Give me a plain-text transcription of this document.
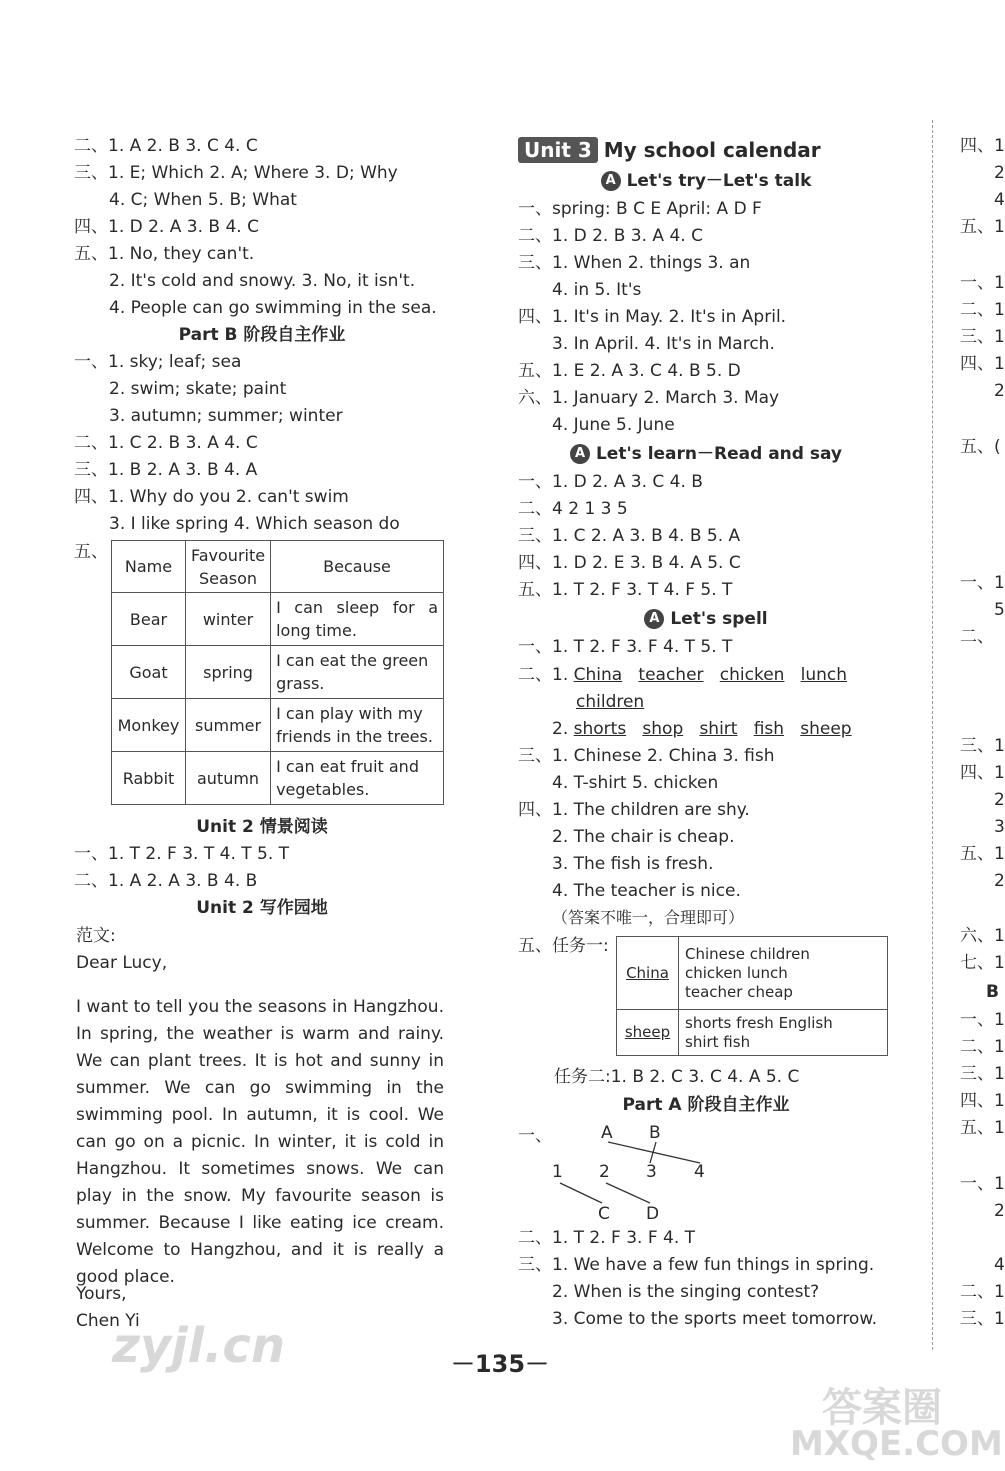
二、1. A 2. B 3. C 4. C
三、1. E; Which 2. A; Where 3. D; Why
4. C; When 5. B; What
四、1. D 2. A 3. B 4. C
五、1. No, they can't.
2. It's cold and snowy. 3. No, it isn't.
4. People can go swimming in the sea.
Part B 阶段自主作业
一、1. sky; leaf; sea
2. swim; skate; paint
3. autumn; summer; winter
二、1. C 2. B 3. A 4. C
三、1. B 2. A 3. B 4. A
四、1. Why do you 2. can't swim
3. I like spring 4. Which season do
五、
Name	Favourite Season	Because
Bear	winter	I can sleep for a long time.
Goat	spring	I can eat the green grass.
Monkey	summer	I can play with my friends in the trees.
Rabbit	autumn	I can eat fruit and vegetables.
Unit 2 情景阅读
一、1. T 2. F 3. T 4. T 5. T
二、1. A 2. A 3. B 4. B
Unit 2 写作园地
范文:
Dear Lucy,
I want to tell you the seasons in Hangzhou. In spring, the weather is warm and rainy. We can plant trees. It is hot and sunny in summer. We can go swimming in the swimming pool. In autumn, it is cool. We can go on a picnic. In winter, it is cold in Hangzhou. It sometimes snows. We can play in the snow. My favourite season is summer. Because I like eating ice cream. Welcome to Hangzhou, and it is really a good place.
Yours,
Chen Yi
Unit 3 My school calendar
A Let's try－Let's talk
一、spring: B C E April: A D F
二、1. D 2. B 3. A 4. C
三、1. When 2. things 3. an
4. in 5. It's
四、1. It's in May. 2. It's in April.
3. In April. 4. It's in March.
五、1. E 2. A 3. C 4. B 5. D
六、1. January 2. March 3. May
4. June 5. June
A Let's learn－Read and say
一、1. D 2. A 3. C 4. B
二、4 2 1 3 5
三、1. C 2. A 3. B 4. B 5. A
四、1. D 2. E 3. B 4. A 5. C
五、1. T 2. F 3. T 4. F 5. T
A Let's spell
一、1. T 2. F 3. F 4. T 5. T
二、1. China teacher chicken lunch
children
2. shorts shop shirt fish sheep
三、1. Chinese 2. China 3. fish
4. T-shirt 5. chicken
四、1. The children are shy.
2. The chair is cheap.
3. The fish is fresh.
4. The teacher is nice.
（答案不唯一，合理即可）
五、任务一:
China	Chinese children
chicken lunch
teacher cheap
sheep	shorts fresh English
shirt fish
任务二:1. B 2. C 3. C 4. A 5. C
Part A 阶段自主作业
一、	A B
1 2 3 4
C D
二、1. T 2. F 3. F 4. T
三、1. We have a few fun things in spring.
2. When is the singing contest?
3. Come to the sports meet tomorrow.
四、1
2
4
五、1
一、1
二、1
三、1
四、1
2
五、(
一、1
5
二、
三、1
四、1
2
3
五、1
2
六、1
七、1
B
一、1
二、1
三、1
四、1
五、1
一、1
2
4
二、1
三、1
－135－
zyjl.cn
答案圈
MXQE.COM
